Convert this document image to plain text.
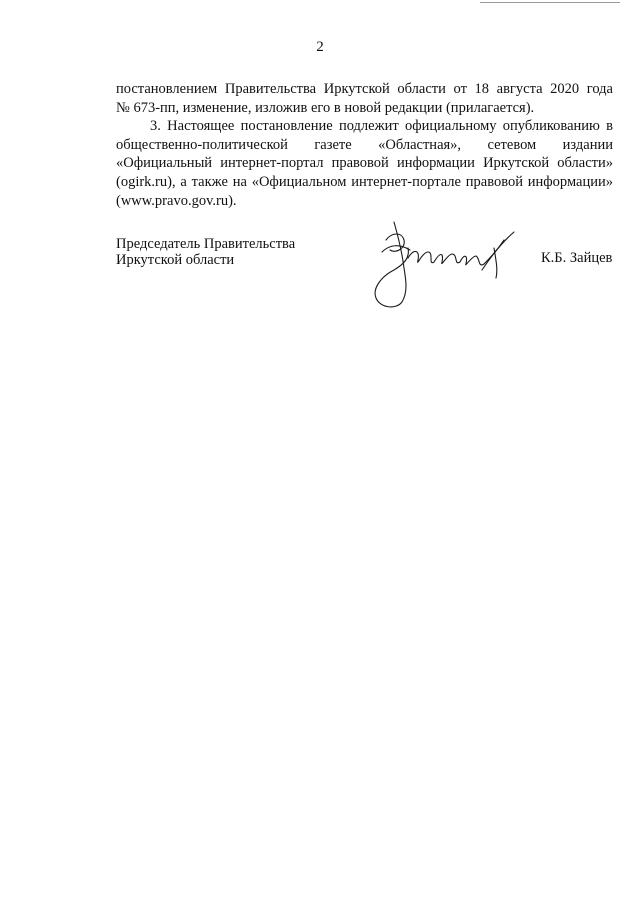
2

постановлением Правительства Иркутской области от 18 августа 2020 года
№ 673-пп, изменение, изложив его в новой редакции (прилагается).

3. Настоящее постановление подлежит официальному опубликованию в
общественно-политической газете «Областная», сетевом издании
«Официальный интернет-портал правовой информации Иркутской области»
(ogirk.ru), а также на «Официальном интернет-портале правовой информации»
(www.pravo.gov.ru).

Председатель Правительства
Иркутской области	К.Б. Зайцев
